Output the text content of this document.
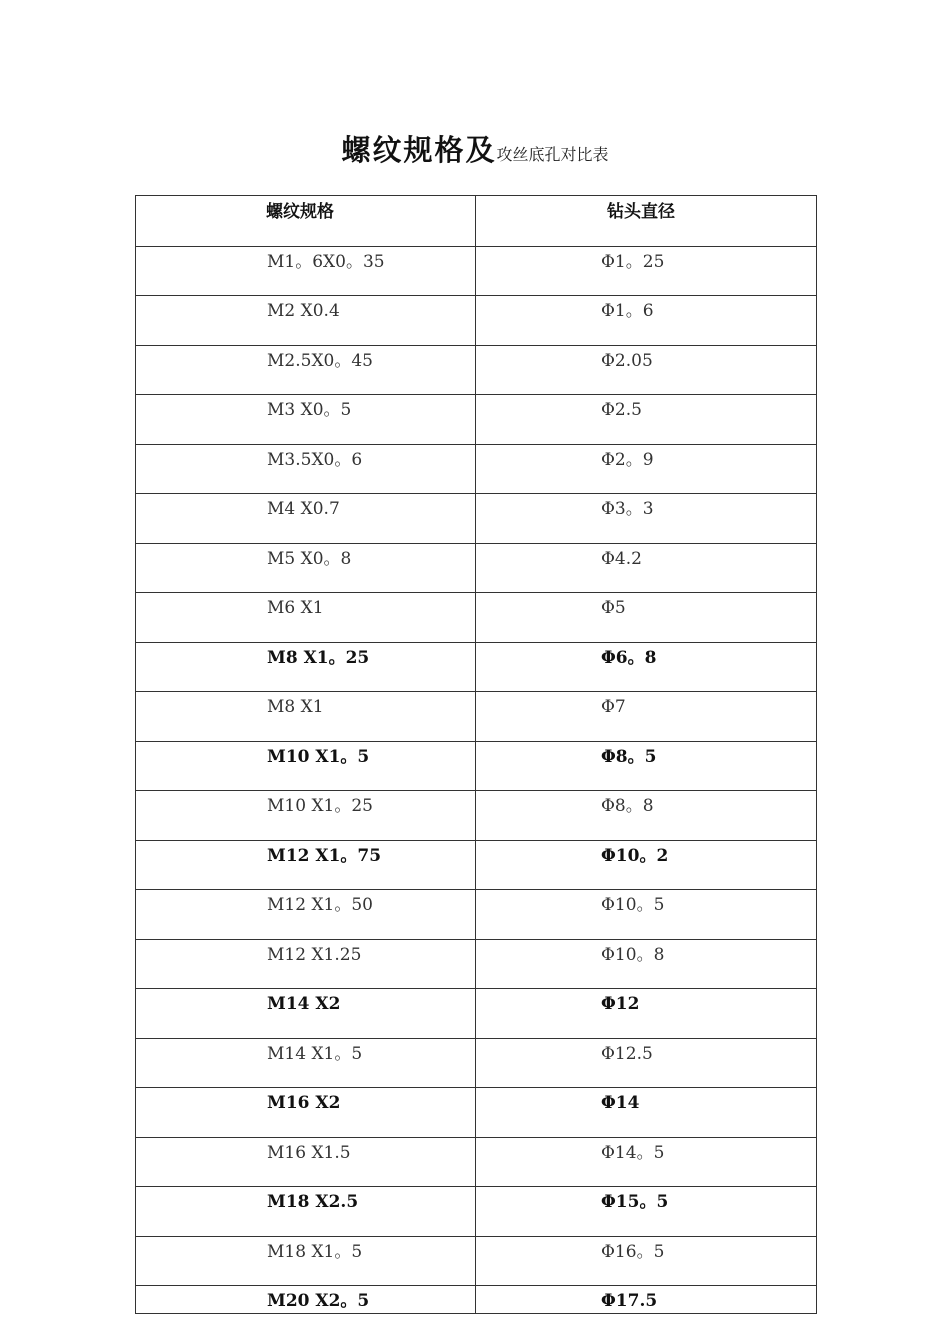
螺纹规格及攻丝底孔对比表
螺纹规格	钻头直径
M1。6X0。35	Φ1。25
M2 X0.4	Φ1。6
M2.5X0。45	Φ2.05
M3 X0。5	Φ2.5
M3.5X0。6	Φ2。9
M4 X0.7	Φ3。3
M5 X0。8	Φ4.2
M6 X1	Φ5
M8 X1。25	Φ6。8
M8 X1	Φ7
M10 X1。5	Φ8。5
M10 X1。25	Φ8。8
M12 X1。75	Φ10。2
M12 X1。50	Φ10。5
M12 X1.25	Φ10。8
M14 X2	Φ12
M14 X1。5	Φ12.5
M16 X2	Φ14
M16 X1.5	Φ14。5
M18 X2.5	Φ15。5
M18 X1。5	Φ16。5
M20 X2。5	Φ17.5
